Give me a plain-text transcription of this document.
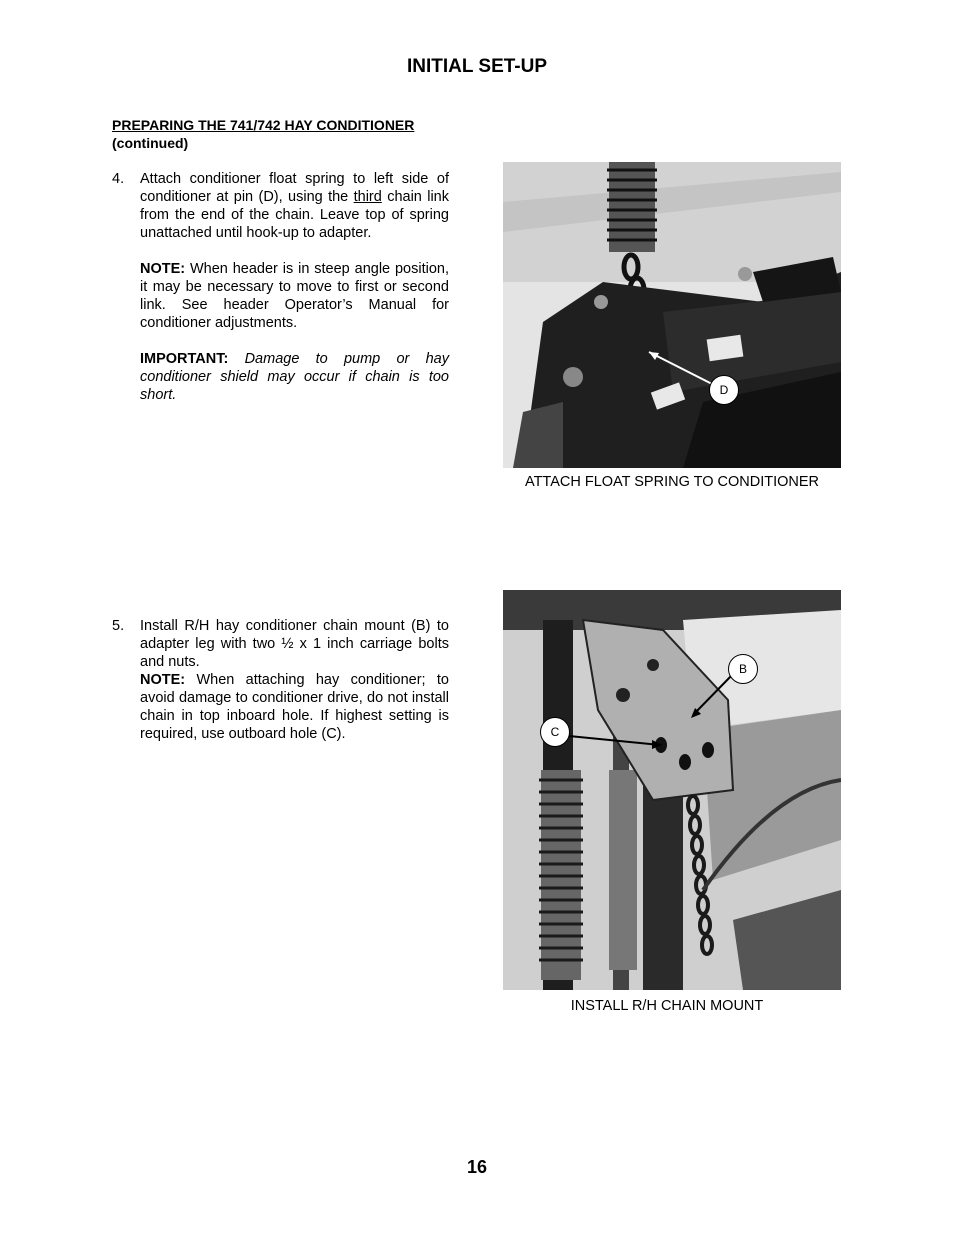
INITIAL SET-UP
PREPARING THE 741/742 HAY CONDITIONER
(continued)
4. Attach conditioner float spring to left side of conditioner at pin (D), using the third chain link from the end of the chain. Leave top of spring unattached until hook-up to adapter.

NOTE: When header is in steep angle position, it may be necessary to move to first or second link. See header Operator’s Manual for conditioner adjustments.

IMPORTANT: Damage to pump or hay conditioner shield may occur if chain is too short.	D
ATTACH FLOAT SPRING TO CONDITIONER
5. Install R/H hay conditioner chain mount (B) to adapter leg with two ½ x 1 inch carriage bolts and nuts.

NOTE: When attaching hay conditioner; to avoid damage to conditioner drive, do not install chain in top inboard hole. If highest setting is required, use outboard hole (C).

B
C
INSTALL R/H CHAIN MOUNT
16
